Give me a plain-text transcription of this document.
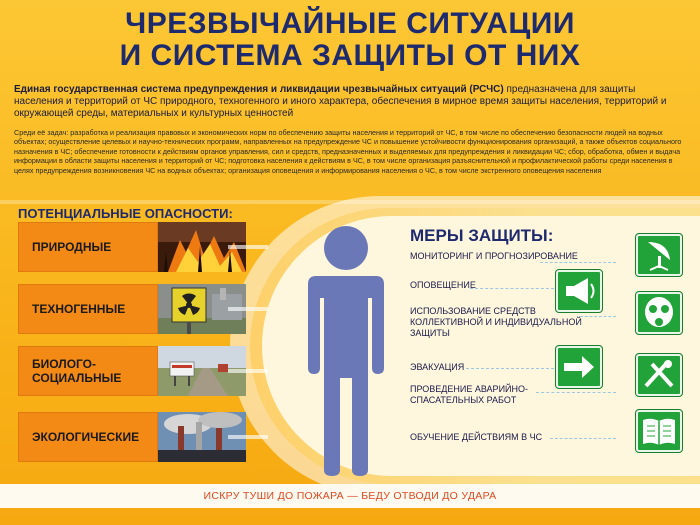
ЧРЕЗВЫЧАЙНЫЕ СИТУАЦИИ
И СИСТЕМА ЗАЩИТЫ ОТ НИХ
Единая государственная система предупреждения и ликвидации чрезвычайных ситуаций (РСЧС) предназначена для защиты населения и территорий от ЧС природного, техногенного и иного характера, обеспечения в мирное время защиты населения, территорий и окружающей среды, материальных и культурных ценностей
Среди её задач: разработка и реализация правовых и экономических норм по обеспечению защиты населения и территорий от ЧС, в том числе по обеспечению безопасности людей на водных объектах; осуществление целевых и научно-технических программ, направленных на предупреждение ЧС и повышение устойчивости функционирования организаций, а также объектов социального назначения в ЧС; обеспечение готовности к действиям органов управления, сил и средств, предназначенных и выделяемых для предупреждения и ликвидации ЧС; сбор, обработка, обмен и выдача информации в области защиты населения и территорий от ЧС; подготовка населения к действиям в ЧС, в том числе организация разъяснительной и профилактической работы среди населения в целях предупреждения возникновения ЧС на водных объектах; организация оповещения и информирования населения о ЧС, в том числе экстренного оповещения населения
ПОТЕНЦИАЛЬНЫЕ ОПАСНОСТИ:
ПРИРОДНЫЕ
ТЕХНОГЕННЫЕ
БИОЛОГО-
СОЦИАЛЬНЫЕ
ЭКОЛОГИЧЕСКИЕ
МЕРЫ ЗАЩИТЫ:
МОНИТОРИНГ И ПРОГНОЗИРОВАНИЕ
ОПОВЕЩЕНИЕ
ИСПОЛЬЗОВАНИЕ СРЕДСТВ
КОЛЛЕКТИВНОЙ И ИНДИВИДУАЛЬНОЙ
ЗАЩИТЫ
ЭВАКУАЦИЯ
ПРОВЕДЕНИЕ АВАРИЙНО-
СПАСАТЕЛЬНЫХ РАБОТ
ОБУЧЕНИЕ ДЕЙСТВИЯМ В ЧС
ИСКРУ ТУШИ ДО ПОЖАРА — БЕДУ ОТВОДИ ДО УДАРА
